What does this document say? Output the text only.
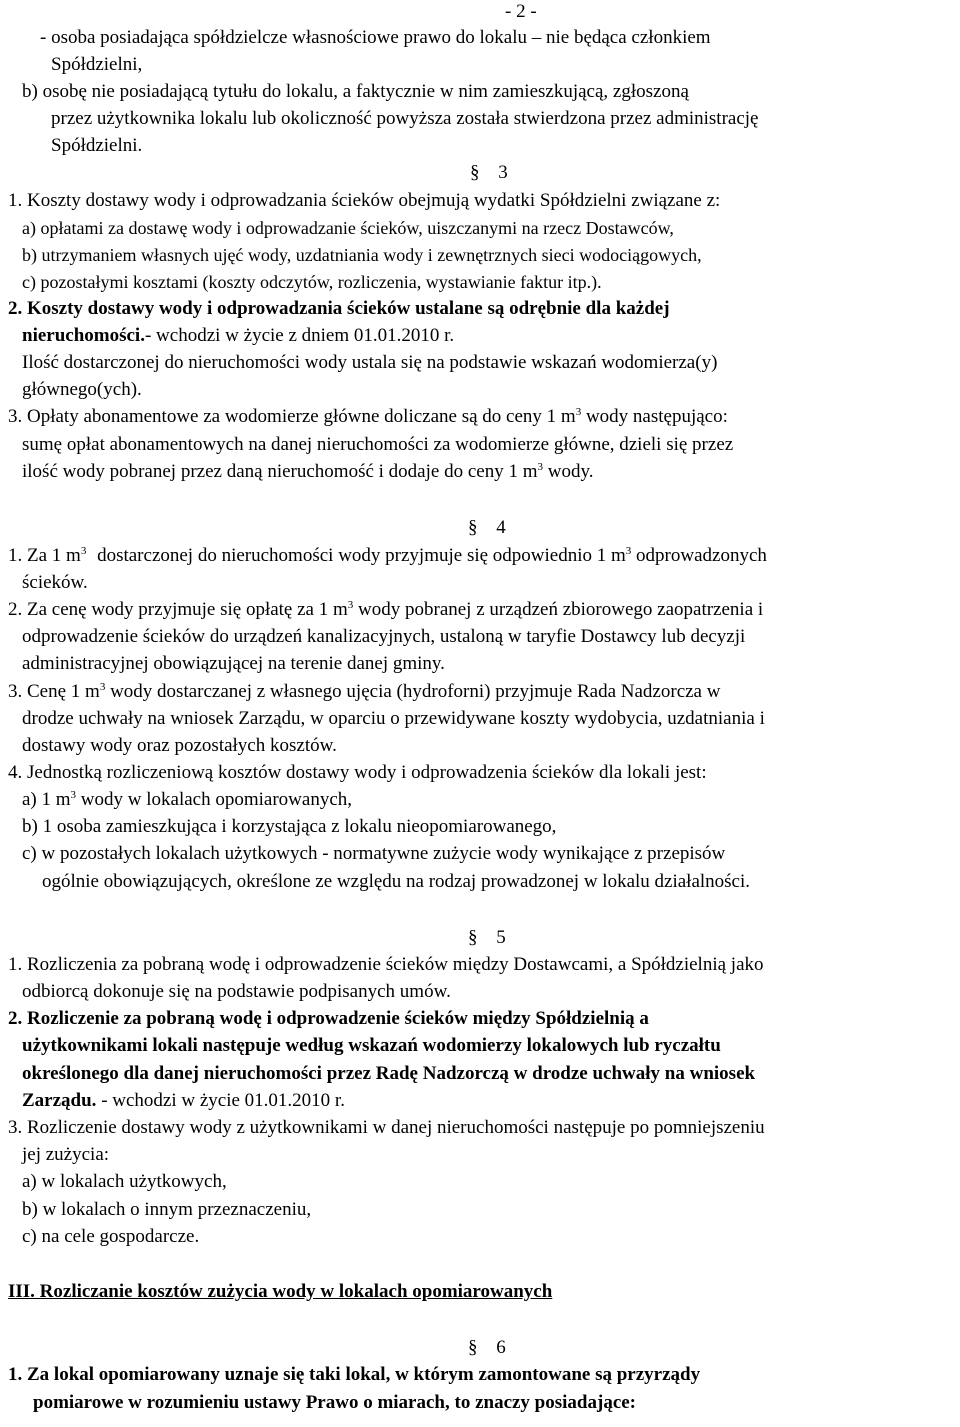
- 2 -
- osoba posiadająca spółdzielcze własnościowe prawo do lokalu – nie będąca członkiem
Spółdzielni,
b) osobę nie posiadającą tytułu do lokalu, a faktycznie w nim zamieszkującą, zgłoszoną
przez użytkownika lokalu lub okoliczność powyższa została stwierdzona przez administrację
Spółdzielni.
§ 3
1. Koszty dostawy wody i odprowadzania ścieków obejmują wydatki Spółdzielni związane z:
a) opłatami za dostawę wody i odprowadzanie ścieków, uiszczanymi na rzecz Dostawców,
b) utrzymaniem własnych ujęć wody, uzdatniania wody i zewnętrznych sieci wodociągowych,
c) pozostałymi kosztami (koszty odczytów, rozliczenia, wystawianie faktur itp.).
2. Koszty dostawy wody i odprowadzania ścieków ustalane są odrębnie dla każdej
nieruchomości.- wchodzi w życie z dniem 01.01.2010 r.
Ilość dostarczonej do nieruchomości wody ustala się na podstawie wskazań wodomierza(y)
głównego(ych).
3. Opłaty abonamentowe za wodomierze główne doliczane są do ceny 1 $m^3$ wody następująco:
sumę opłat abonamentowych na danej nieruchomości za wodomierze główne, dzieli się przez
ilość wody pobranej przez daną nieruchomość i dodaje do ceny 1 $m^3$ wody.
§ 4
1. Za 1 $m^3$ dostarczonej do nieruchomości wody przyjmuje się odpowiednio 1 $m^3$ odprowadzonych
ścieków.
2. Za cenę wody przyjmuje się opłatę za 1 $m^3$ wody pobranej z urządzeń zbiorowego zaopatrzenia i
odprowadzenie ścieków do urządzeń kanalizacyjnych, ustaloną w taryfie Dostawcy lub decyzji
administracyjnej obowiązującej na terenie danej gminy.
3. Cenę 1 $m^3$ wody dostarczanej z własnego ujęcia (hydroforni) przyjmuje Rada Nadzorcza w
drodze uchwały na wniosek Zarządu, w oparciu o przewidywane koszty wydobycia, uzdatniania i
dostawy wody oraz pozostałych kosztów.
4. Jednostką rozliczeniową kosztów dostawy wody i odprowadzenia ścieków dla lokali jest:
a) 1 $m^3$ wody w lokalach opomiarowanych,
b) 1 osoba zamieszkująca i korzystająca z lokalu nieopomiarowanego,
c) w pozostałych lokalach użytkowych - normatywne zużycie wody wynikające z przepisów
ogólnie obowiązujących, określone ze względu na rodzaj prowadzonej w lokalu działalności.
§ 5
1. Rozliczenia za pobraną wodę i odprowadzenie ścieków między Dostawcami, a Spółdzielnią jako
odbiorcą dokonuje się na podstawie podpisanych umów.
2. Rozliczenie za pobraną wodę i odprowadzenie ścieków między Spółdzielnią a
użytkownikami lokali następuje według wskazań wodomierzy lokalowych lub ryczałtu
określonego dla danej nieruchomości przez Radę Nadzorczą w drodze uchwały na wniosek
Zarządu. - wchodzi w życie 01.01.2010 r.
3. Rozliczenie dostawy wody z użytkownikami w danej nieruchomości następuje po pomniejszeniu
jej zużycia:
a) w lokalach użytkowych,
b) w lokalach o innym przeznaczeniu,
c) na cele gospodarcze.
III. Rozliczanie kosztów zużycia wody w lokalach opomiarowanych
§ 6
1. Za lokal opomiarowany uznaje się taki lokal, w którym zamontowane są przyrządy
pomiarowe w rozumieniu ustawy Prawo o miarach, to znaczy posiadające:
